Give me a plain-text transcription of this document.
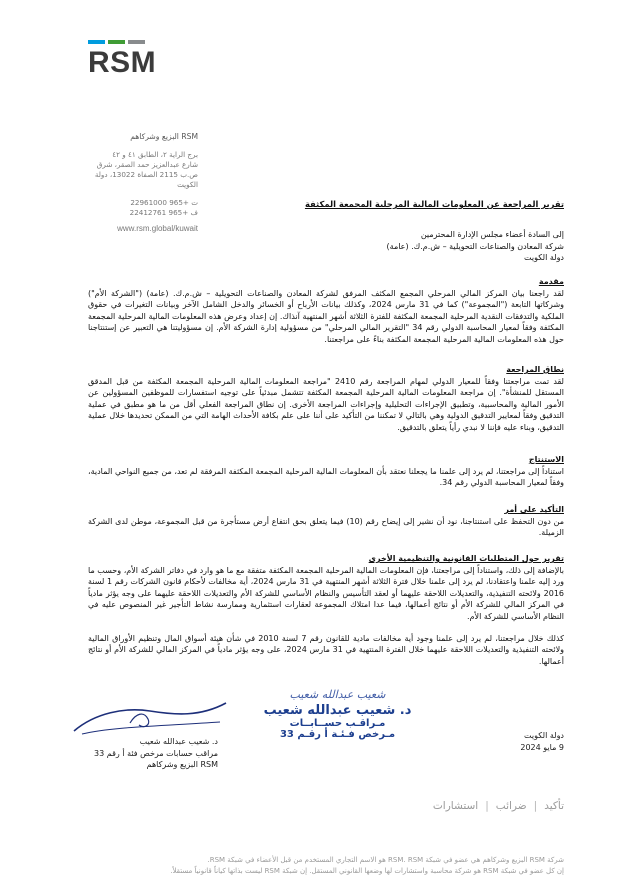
RSM
RSM البزيع وشركاهم
برج الراية ٢، الطابق ٤١ و ٤٢
شارع عبدالعزيز حمد الصقر، شرق
ص.ب 2115 الصفاة 13022، دولة الكويت
ت +965 22961000
ف +965 22412761
www.rsm.global/kuwait
تقرير المراجعة عن المعلومات المالية المرحلية المجمعة المكثفة
إلى السادة أعضاء مجلس الإدارة المحترمين
شركة المعادن والصناعات التحويلية – ش.م.ك. (عامة)
دولة الكويت
مقدمة

لقد راجعنا بيان المركز المالي المرحلي المجمع المكثف المرفق لشركة المعادن والصناعات التحويلية – ش.م.ك. (عامة) ("الشركة الأم") وشركاتها التابعة ("المجموعة") كما في 31 مارس 2024، وكذلك بيانات الأرباح أو الخسائر والدخل الشامل الآخر وبيانات التغيرات في حقوق الملكية والتدفقات النقدية المرحلية المجمعة المكثفة للفترة الثلاثة أشهر المنتهية آنذاك. إن إعداد وعرض هذه المعلومات المالية المرحلية المجمعة المكثفة وفقاً لمعيار المحاسبة الدولي رقم 34 "التقرير المالي المرحلي" من مسؤولية إدارة الشركة الأم. إن مسؤوليتنا هي التعبير عن إستنتاجنا حول هذه المعلومات المالية المرحلية المجمعة المكثفة بناءً على مراجعتنا.

نطاق المراجعة

لقد تمت مراجعتنا وفقاً للمعيار الدولي لمهام المراجعة رقم 2410 "مراجعة المعلومات المالية المرحلية المجمعة المكثفة من قبل المدقق المستقل للمنشأة". إن مراجعة المعلومات المالية المرحلية المجمعة المكثفة تتشمل مبدئياً على توجيه استفسارات للموظفين المسؤولين عن الأمور المالية والمحاسبية، وتطبيق الإجراءات التحليلية وإجراءات المراجعة الأخرى. إن نطاق المراجعة الفعلي أقل من ما هو مطبق في عملية التدقيق وفقاً لمعايير التدقيق الدولية وهي بالتالي لا تمكننا من التأكيد على أننا على علم بكافة الأحداث الهامة التي من الممكن تحديدها خلال عملية التدقيق، وبناء عليه فإننا لا نبدي رأياً يتعلق بالتدقيق.

الاستنتاج

استناداً إلى مراجعتنا، لم يرد إلى علمنا ما يجعلنا نعتقد بأن المعلومات المالية المرحلية المجمعة المكثفة المرفقة لم تعد، من جميع النواحي المادية، وفقاً لمعيار المحاسبة الدولي رقم 34.

التأكيد على أمر

من دون التحفظ على استنتاجنا، نود أن نشير إلى إيضاح رقم (10) فيما يتعلق بحق انتفاع أرض مستأجرة من قبل المجموعة، موطن لدى الشركة الزميلة.

تقرير حول المتطلبات القانونية والتنظيمية الأخرى

بالإضافة إلى ذلك، واستناداً إلى مراجعتنا، فإن المعلومات المالية المرحلية المجمعة المكثفة متفقة مع ما هو وارد في دفاتر الشركة الأم، وحسب ما ورد إليه علمنا واعتقادنا، لم يرد إلى علمنا خلال فترة الثلاثة أشهر المنتهية في 31 مارس 2024، أية مخالفات لأحكام قانون الشركات رقم 1 لسنة 2016 ولائحته التنفيذية، والتعديلات اللاحقة عليهما أو لعقد التأسيس والنظام الأساسي للشركة الأم والتعديلات اللاحقة عليهما على وجه يؤثر مادياً في المركز المالي للشركة الأم أو نتائج أعمالها، فيما عدا امتلاك المجموعة لعقارات استثمارية وممارسة نشاط التأجير غير المنصوص عليه في النظام الأساسي للشركة الأم.

كذلك خلال مراجعتنا، لم يرد إلى علمنا وجود أية مخالفات مادية للقانون رقم 7 لسنة 2010 في شأن هيئة أسواق المال وتنظيم الأوراق المالية ولائحته التنفيذية والتعديلات اللاحقة عليهما خلال الفترة المنتهية في 31 مارس 2024، على وجه يؤثر مادياً في المركز المالي للشركة الأم أو نتائج أعمالها.

شعيب عبدالله شعيب
د. شعيب عبدالله شعيب
مـراقـب حســابــات
مـرخص فـئـة أ رقـم 33
د. شعيب عبدالله شعيب
مراقب حسابات مرخص فئة أ رقم 33
RSM البزيع وشركاهم
دولة الكويت
9 مايو 2024
تأكيد|ضرائب|استشارات
شركة RSM البزيع وشركاهم هي عضو في شبكة RSM. RSM هو الاسم التجاري المستخدم من قبل الأعضاء في شبكة RSM.
إن كل عضو في شبكة RSM هو شركة محاسبة واستشارات لها وضعها القانوني المستقل. إن شبكة RSM ليست بذاتها كياناً قانونياً مستقلاً.
